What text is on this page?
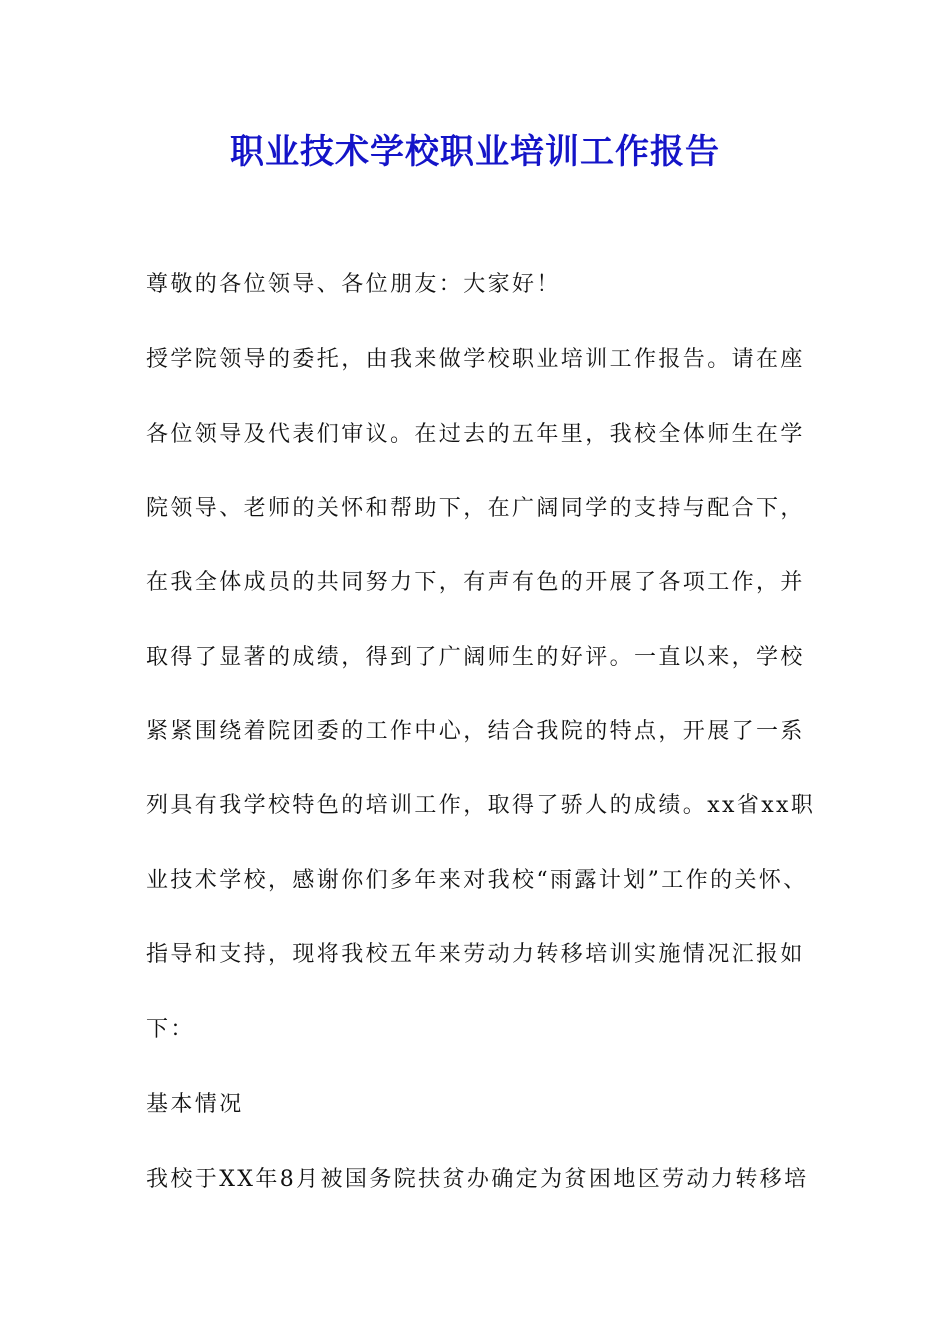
职业技术学校职业培训工作报告
尊敬的各位领导、各位朋友：大家好！
授学院领导的委托，由我来做学校职业培训工作报告。请在座
各位领导及代表们审议。在过去的五年里，我校全体师生在学
院领导、老师的关怀和帮助下，在广阔同学的支持与配合下，
在我全体成员的共同努力下，有声有色的开展了各项工作，并
取得了显著的成绩，得到了广阔师生的好评。一直以来，学校
紧紧围绕着院团委的工作中心，结合我院的特点，开展了一系
列具有我学校特色的培训工作，取得了骄人的成绩。xx省xx职
业技术学校，感谢你们多年来对我校“雨露计划”工作的关怀、
指导和支持，现将我校五年来劳动力转移培训实施情况汇报如
下：
基本情况
我校于XX年8月被国务院扶贫办确定为贫困地区劳动力转移培
